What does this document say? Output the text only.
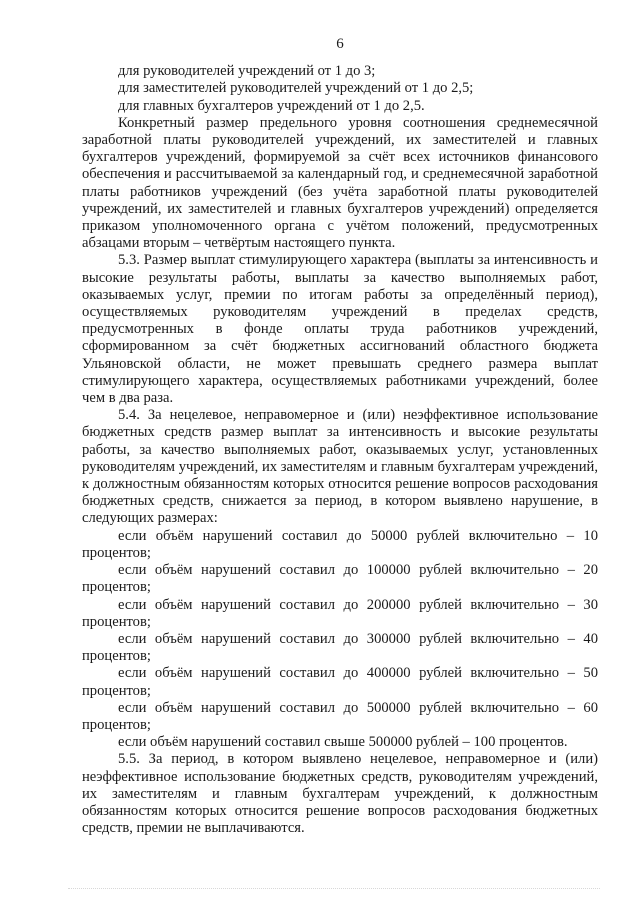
6

для руководителей учреждений от 1 до 3;

для заместителей руководителей учреждений от 1 до 2,5;

для главных бухгалтеров учреждений от 1 до 2,5.

Конкретный размер предельного уровня соотношения среднемесячной заработной платы руководителей учреждений, их заместителей и главных бухгалтеров учреждений, формируемой за счёт всех источников финансового обеспечения и рассчитываемой за календарный год, и среднемесячной заработной платы работников учреждений (без учёта заработной платы руководителей учреждений, их заместителей и главных бухгалтеров учреждений) определяется приказом уполномоченного органа с учётом положений, предусмотренных абзацами вторым – четвёртым настоящего пункта.

5.3. Размер выплат стимулирующего характера (выплаты за интенсивность и высокие результаты работы, выплаты за качество выполняемых работ, оказываемых услуг, премии по итогам работы за определённый период), осуществляемых руководителям учреждений в пределах средств, предусмотренных в фонде оплаты труда работников учреждений, сформированном за счёт бюджетных ассигнований областного бюджета Ульяновской области, не может превышать среднего размера выплат стимулирующего характера, осуществляемых работниками учреждений, более чем в два раза.

5.4. За нецелевое, неправомерное и (или) неэффективное использование бюджетных средств размер выплат за интенсивность и высокие результаты работы, за качество выполняемых работ, оказываемых услуг, установленных руководителям учреждений, их заместителям и главным бухгалтерам учреждений, к должностным обязанностям которых относится решение вопросов расходования бюджетных средств, снижается за период, в котором выявлено нарушение, в следующих размерах:

если объём нарушений составил до 50000 рублей включительно – 10 процентов;

если объём нарушений составил до 100000 рублей включительно – 20 процентов;

если объём нарушений составил до 200000 рублей включительно – 30 процентов;

если объём нарушений составил до 300000 рублей включительно – 40 процентов;

если объём нарушений составил до 400000 рублей включительно – 50 процентов;

если объём нарушений составил до 500000 рублей включительно – 60 процентов;

если объём нарушений составил свыше 500000 рублей – 100 процентов.

5.5. За период, в котором выявлено нецелевое, неправомерное и (или) неэффективное использование бюджетных средств, руководителям учреждений, их заместителям и главным бухгалтерам учреждений, к должностным обязанностям которых относится решение вопросов расходования бюджетных средств, премии не выплачиваются.
